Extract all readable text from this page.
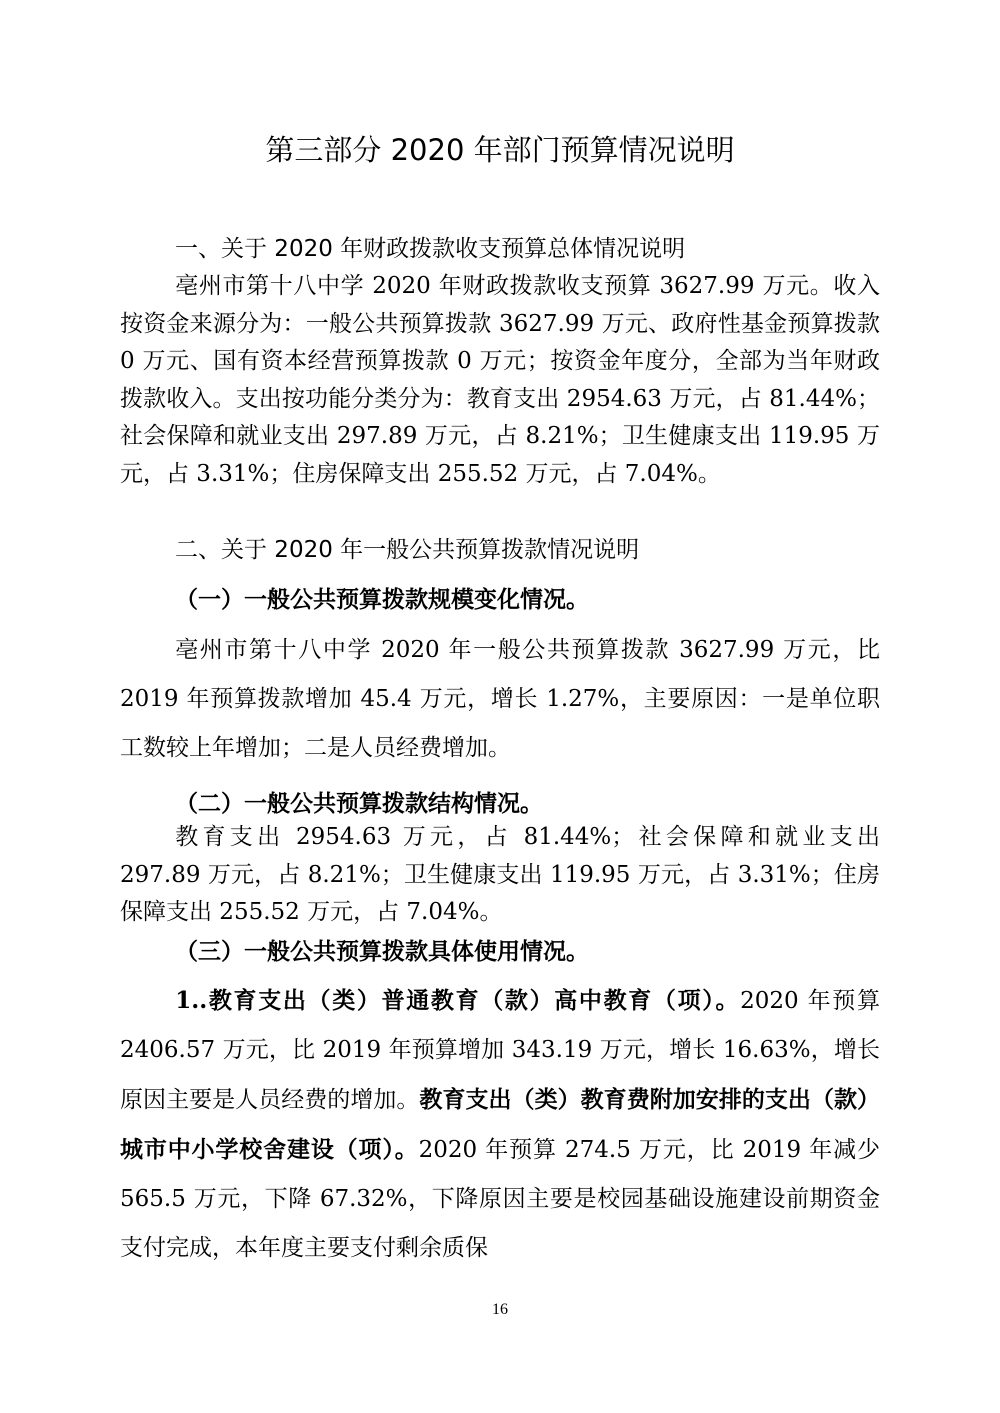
第三部分 2020 年部门预算情况说明
一、关于 2020 年财政拨款收支预算总体情况说明

亳州市第十八中学 2020 年财政拨款收支预算 3627.99 万元。收入按资金来源分为：一般公共预算拨款 3627.99 万元、政府性基金预算拨款 0 万元、国有资本经营预算拨款 0 万元；按资金年度分，全部为当年财政拨款收入。支出按功能分类分为：教育支出 2954.63 万元，占 81.44%；社会保障和就业支出 297.89 万元，占 8.21%；卫生健康支出 119.95 万元，占 3.31%；住房保障支出 255.52 万元，占 7.04%。

二、关于 2020 年一般公共预算拨款情况说明
（一）一般公共预算拨款规模变化情况。

亳州市第十八中学 2020 年一般公共预算拨款 3627.99 万元，比 2019 年预算拨款增加 45.4 万元，增长 1.27%，主要原因：一是单位职工数较上年增加；二是人员经费增加。

（二）一般公共预算拨款结构情况。

教育支出 2954.63 万元，占 81.44%；社会保障和就业支出 297.89 万元，占 8.21%；卫生健康支出 119.95 万元，占 3.31%；住房保障支出 255.52 万元，占 7.04%。

（三）一般公共预算拨款具体使用情况。

1..教育支出（类）普通教育（款）高中教育（项）。2020 年预算 2406.57 万元，比 2019 年预算增加 343.19 万元，增长 16.63%，增长原因主要是人员经费的增加。教育支出（类）教育费附加安排的支出（款）城市中小学校舍建设（项）。2020 年预算 274.5 万元，比 2019 年减少 565.5 万元，下降 67.32%，下降原因主要是校园基础设施建设前期资金支付完成，本年度主要支付剩余质保

16
